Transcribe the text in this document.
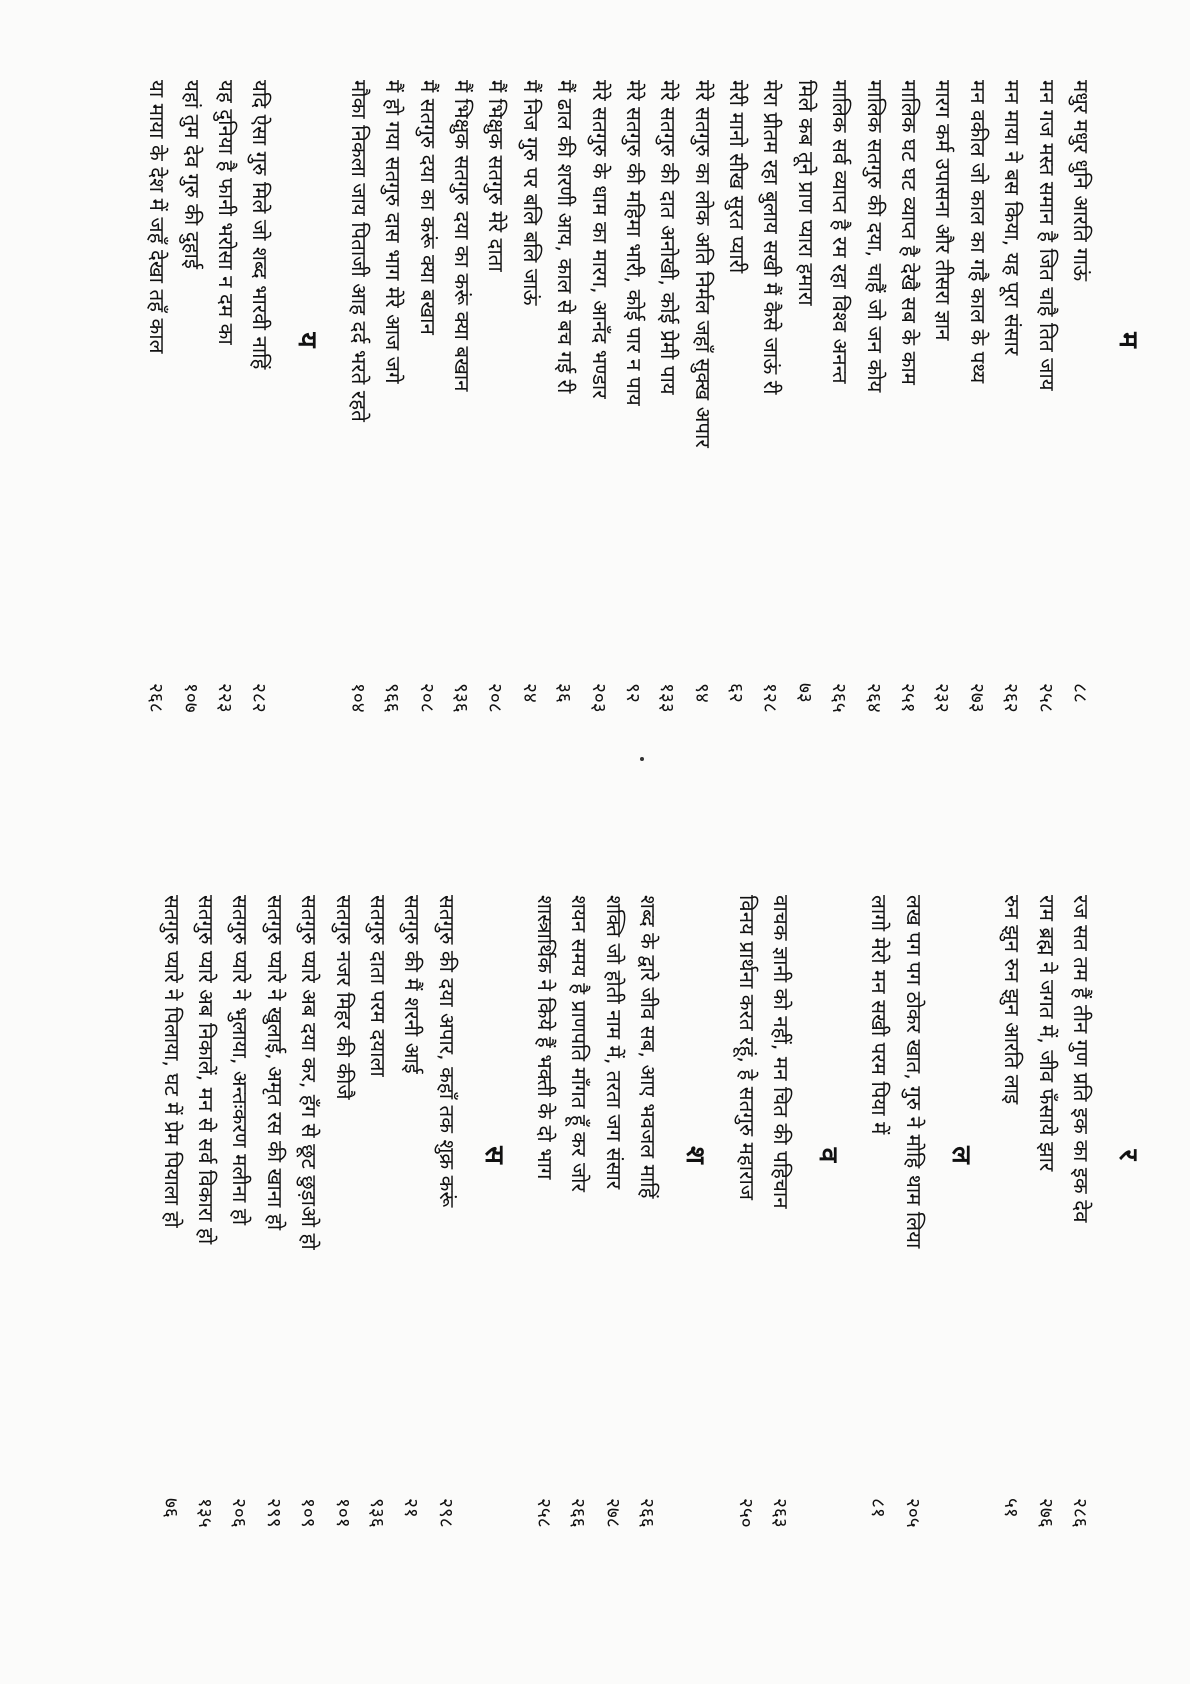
म
मधुर मधुर धुनि आरति गाऊं
८८
मन गज मस्त समान है जित चाहै तित जाय
२५८
मन माया ने बस किया, यह पूरा संसार
२६२
मन वकील जो काल का गहै काल के पथ्य
२७३
मारग कर्म उपासना और तीसरा ज्ञान
२३२
मालिक घट घट व्याप्त है देखै सब के काम
२५१
मालिक सतगुरु की दया, चाहैं जो जन कोय
२६४
मालिक सर्व व्याप्त है रम रहा विश्व अनन्त
२६५
मिले कब तूने प्राण प्यारा हमारा
७३
मेरा प्रीतम रहा बुलाय सखी मैं कैसे जाऊं री
१२८
मेरी मानो सीख सुरत प्यारी
६२
मेरे सतगुरु का लोक अति निर्मल जहाँ सुक्ख अपार
९४
मेरे सतगुरु की दात अनोखी, कोई प्रेमी पाय
१३३
मेरे सतगुरु की महिमा भारी, कोई पार न पाय
९२
मेरे सतगुरु के धाम का मारग, आनँद भण्डार
२०३
मैं ढाल की शरणी आय, काल से बच गई री
३६
मैं निज गुरु पर बलि बलि जाऊं
२४
मैं भिक्षुक सतगुरु मेरे दाता
२०८
मैं भिक्षुक सतगुरु दया का करूं क्या बखान
९३६
मैं सतगुरु दया का करूं क्या बखान
२०८
मैं हो गया सतगुरु दास भाग मेरे आज जगे
९६६
मौका निकला जाय पिताजी आह दर्द भरते रहते
१०४
य
यदि ऐसा गुरु मिले जो शब्द भारवी नाहिं
२८२
यह दुनिया है फानी भरोसा न दम का
२२३
यहां तुम देव गुरु की दुहाई
१०७
या माया के देश में जहँ देखा तहँ काल
२६८
र
रज सत तम हैं तीन गुण प्रति इक का इक देव
२८६
राम ब्रह्म ने जगत में, जीव फँसाये झार
२७६
रुन झुन रुन झुन आरति लाइ
५१
ल
लख पग पग ठोकर खात, गुरु ने मोहि थाम लिया
२०५
लागो मेरो मन सखी परम पिया में
८१
व
वाचक ज्ञानी को नहीं, मन चित की पहिचान
२६३
विनय प्रार्थना करत रहूं, हे सतगुरु महाराज
२५०
श
शब्द के द्वारे जीव सब, आए भवजल माहिं
२६६
शक्ति जो होती नाम में, तरता जग संसार
२७८
शयन समय है प्राणपति माँगत हूँ कर जोर
२६६
शास्त्रार्थिक ने किये हैं भक्ती के दो भाग
२५८
स
सतगुरु की दया अपार, कहाँ तक शुक्र करूं
२९८
सतगुरु की मैं शरनी आई
२१
सतगुरु दाता परम दयाला
९३६
सतगुरु नजर मिहर की कीजै
१०१
सतगुरु प्यारे अब दया कर, हँग से छूट छुड़ाओ हो
१०९
सतगुरु प्यारे ने खुलाई, अमृत रस की खाना हो
२९९
सतगुरु प्यारे ने भुलाया, अन्तःकरण मलीना हो
२०६
सतगुरु प्यारे अब निकालें, मन से सर्व विकारा हो
१३५
सतगुरु प्यारे ने पिलाया, घट में प्रेम पियाला हो
७६
